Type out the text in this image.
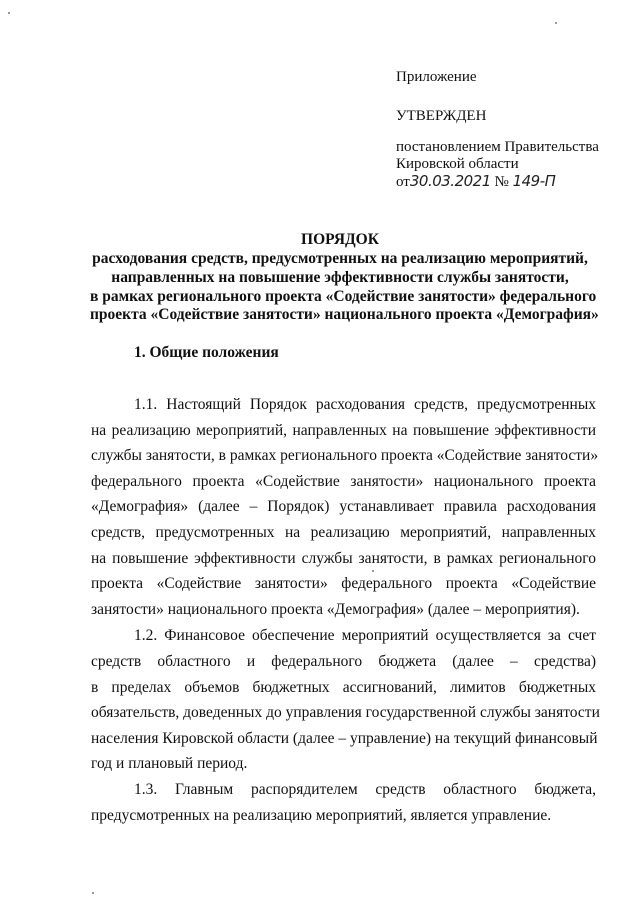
Приложение
УТВЕРЖДЕН
постановлением Правительства
Кировской области
от30.03.2021 № 149-П
ПОРЯДОК
расходования средств, предусмотренных на реализацию мероприятий,
направленных на повышение эффективности службы занятости,
в рамках регионального проекта «Содействие занятости» федерального
проекта «Содействие занятости» национального проекта «Демография»
1. Общие положения
1.1. Настоящий Порядок расходования средств, предусмотренных
на реализацию мероприятий, направленных на повышение эффективности
службы занятости, в рамках регионального проекта «Содействие занятости»
федерального проекта «Содействие занятости» национального проекта
«Демография» (далее – Порядок) устанавливает правила расходования
средств, предусмотренных на реализацию мероприятий, направленных
на повышение эффективности службы занятости, в рамках регионального
проекта «Содействие занятости» федерального проекта «Содействие
занятости» национального проекта «Демография» (далее – мероприятия).
1.2. Финансовое обеспечение мероприятий осуществляется за счет
средств областного и федерального бюджета (далее – средства)
в пределах объемов бюджетных ассигнований, лимитов бюджетных
обязательств, доведенных до управления государственной службы занятости
населения Кировской области (далее – управление) на текущий финансовый
год и плановый период.
1.3. Главным распорядителем средств областного бюджета,
предусмотренных на реализацию мероприятий, является управление.
